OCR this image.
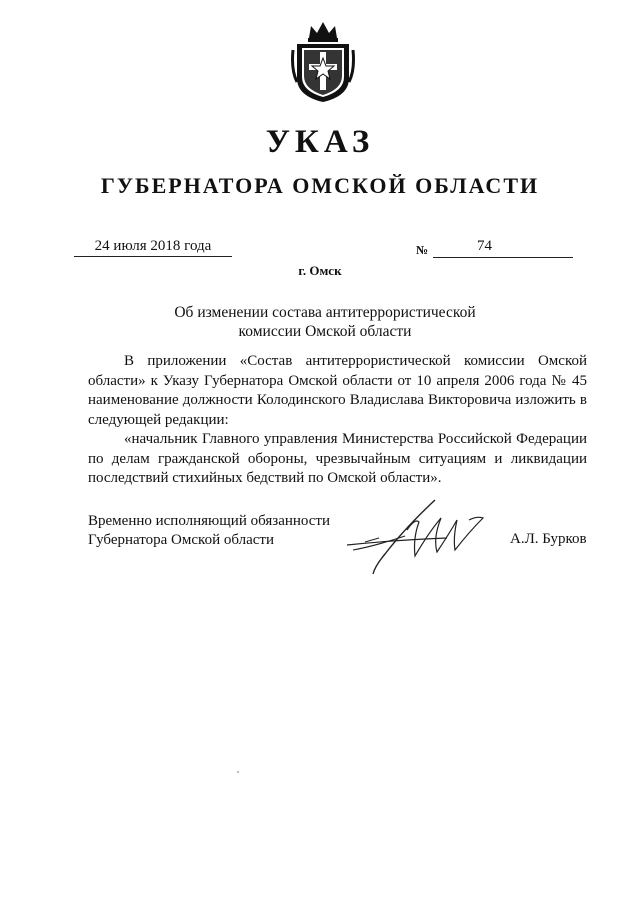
УКАЗ
ГУБЕРНАТОРА ОМСКОЙ ОБЛАСТИ
24 июля 2018 года	№	74
г. Омск
Об изменении состава антитеррористической
комиссии Омской области

В приложении «Состав антитеррористической комиссии Омской области» к Указу Губернатора Омской области от 10 апреля 2006 года № 45 наименование должности Колодинского Владислава Викторовича изложить в следующей редакции:

«начальник Главного управления Министерства Российской Федерации по делам гражданской обороны, чрезвычайным ситуациям и ликвидации последствий стихийных бедствий по Омской области».

Временно исполняющий обязанности
Губернатора Омской области	А.Л. Бурков
